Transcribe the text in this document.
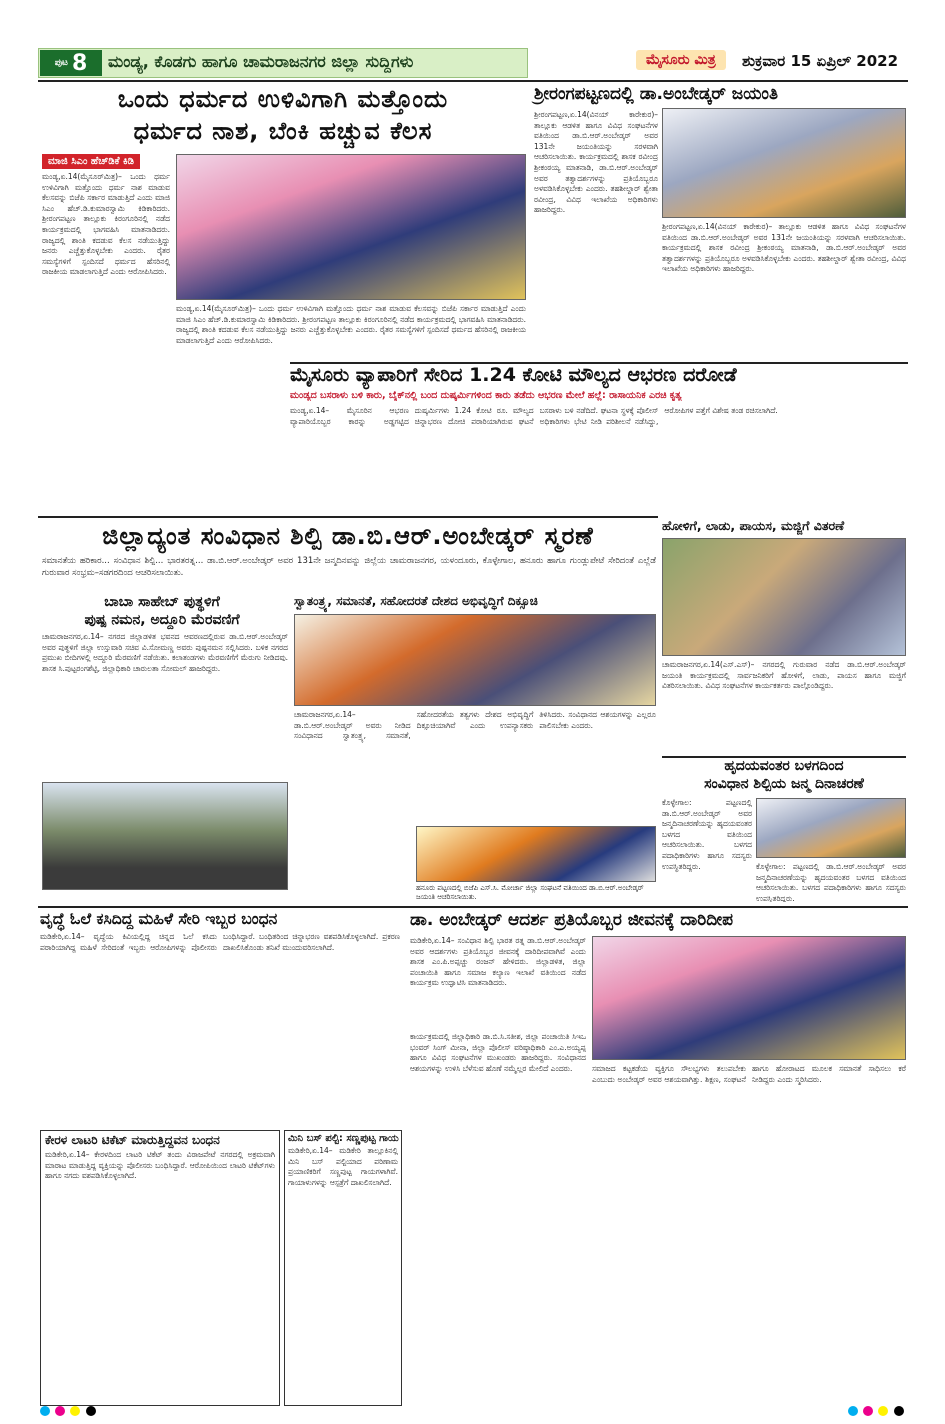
ಪುಟ 8 ಮಂಡ್ಯ, ಕೊಡಗು ಹಾಗೂ ಚಾಮರಾಜನಗರ ಜಿಲ್ಲಾ ಸುದ್ದಿಗಳು	ಮೈಸೂರು ಮಿತ್ರ	ಶುಕ್ರವಾರ 15 ಏಪ್ರಿಲ್ 2022
ಒಂದು ಧರ್ಮದ ಉಳಿವಿಗಾಗಿ ಮತ್ತೊಂದು
ಧರ್ಮದ ನಾಶ, ಬೆಂಕಿ ಹಚ್ಚುವ ಕೆಲಸ
ಮಾಜಿ ಸಿಎಂ ಹೆಚ್‌ಡಿಕೆ ಕಿಡಿ
ಮಂಡ್ಯ,ಏ.14(ಮೈಸೂರ್‌ಮಿತ್ರ)– ಒಂದು ಧರ್ಮ ಉಳಿವಿಗಾಗಿ ಮತ್ತೊಂದು ಧರ್ಮ ನಾಶ ಮಾಡುವ ಕೆಲಸವನ್ನು ಬಿಜೆಪಿ ಸರ್ಕಾರ ಮಾಡುತ್ತಿದೆ ಎಂದು ಮಾಜಿ ಸಿಎಂ ಹೆಚ್.ಡಿ.ಕುಮಾರಸ್ವಾಮಿ ಕಿಡಿಕಾರಿದರು. ಶ್ರೀರಂಗಪಟ್ಟಣ ತಾಲ್ಲೂಕು ಕಿರಂಗೂರಿನಲ್ಲಿ ನಡೆದ ಕಾರ್ಯಕ್ರಮದಲ್ಲಿ ಭಾಗವಹಿಸಿ ಮಾತನಾಡಿದರು. ರಾಜ್ಯದಲ್ಲಿ ಶಾಂತಿ ಕದಡುವ ಕೆಲಸ ನಡೆಯುತ್ತಿದ್ದು ಜನರು ಎಚ್ಚೆತ್ತುಕೊಳ್ಳಬೇಕು ಎಂದರು. ರೈತರ ಸಮಸ್ಯೆಗಳಿಗೆ ಸ್ಪಂದಿಸದೆ ಧರ್ಮದ ಹೆಸರಿನಲ್ಲಿ ರಾಜಕೀಯ ಮಾಡಲಾಗುತ್ತಿದೆ ಎಂದು ಆರೋಪಿಸಿದರು.
ಮಂಡ್ಯ,ಏ.14(ಮೈಸೂರ್‌ಮಿತ್ರ)– ಒಂದು ಧರ್ಮ ಉಳಿವಿಗಾಗಿ ಮತ್ತೊಂದು ಧರ್ಮ ನಾಶ ಮಾಡುವ ಕೆಲಸವನ್ನು ಬಿಜೆಪಿ ಸರ್ಕಾರ ಮಾಡುತ್ತಿದೆ ಎಂದು ಮಾಜಿ ಸಿಎಂ ಹೆಚ್.ಡಿ.ಕುಮಾರಸ್ವಾಮಿ ಕಿಡಿಕಾರಿದರು. ಶ್ರೀರಂಗಪಟ್ಟಣ ತಾಲ್ಲೂಕು ಕಿರಂಗೂರಿನಲ್ಲಿ ನಡೆದ ಕಾರ್ಯಕ್ರಮದಲ್ಲಿ ಭಾಗವಹಿಸಿ ಮಾತನಾಡಿದರು. ರಾಜ್ಯದಲ್ಲಿ ಶಾಂತಿ ಕದಡುವ ಕೆಲಸ ನಡೆಯುತ್ತಿದ್ದು ಜನರು ಎಚ್ಚೆತ್ತುಕೊಳ್ಳಬೇಕು ಎಂದರು. ರೈತರ ಸಮಸ್ಯೆಗಳಿಗೆ ಸ್ಪಂದಿಸದೆ ಧರ್ಮದ ಹೆಸರಿನಲ್ಲಿ ರಾಜಕೀಯ ಮಾಡಲಾಗುತ್ತಿದೆ ಎಂದು ಆರೋಪಿಸಿದರು.
ಶ್ರೀರಂಗಪಟ್ಟಣದಲ್ಲಿ ಡಾ.ಅಂಬೇಡ್ಕರ್ ಜಯಂತಿ
ಶ್ರೀರಂಗಪಟ್ಟಣ,ಏ.14(ವಿನಯ್ ಕಾರೇಕುರ)– ತಾಲ್ಲೂಕು ಆಡಳಿತ ಹಾಗೂ ವಿವಿಧ ಸಂಘಟನೆಗಳ ವತಿಯಿಂದ ಡಾ.ಬಿ.ಆರ್.ಅಂಬೇಡ್ಕರ್ ಅವರ 131ನೇ ಜಯಂತಿಯನ್ನು ಸರಳವಾಗಿ ಆಚರಿಸಲಾಯಿತು. ಕಾರ್ಯಕ್ರಮದಲ್ಲಿ ಶಾಸಕ ರವೀಂದ್ರ ಶ್ರೀಕಂಠಯ್ಯ ಮಾತನಾಡಿ, ಡಾ.ಬಿ.ಆರ್.ಅಂಬೇಡ್ಕರ್ ಅವರ ತತ್ವಾದರ್ಶಗಳನ್ನು ಪ್ರತಿಯೊಬ್ಬರೂ ಅಳವಡಿಸಿಕೊಳ್ಳಬೇಕು ಎಂದರು. ತಹಶೀಲ್ದಾರ್ ಶ್ವೇತಾ ರವೀಂದ್ರ, ವಿವಿಧ ಇಲಾಖೆಯ ಅಧಿಕಾರಿಗಳು ಹಾಜರಿದ್ದರು.
ಶ್ರೀರಂಗಪಟ್ಟಣ,ಏ.14(ವಿನಯ್ ಕಾರೇಕುರ)– ತಾಲ್ಲೂಕು ಆಡಳಿತ ಹಾಗೂ ವಿವಿಧ ಸಂಘಟನೆಗಳ ವತಿಯಿಂದ ಡಾ.ಬಿ.ಆರ್.ಅಂಬೇಡ್ಕರ್ ಅವರ 131ನೇ ಜಯಂತಿಯನ್ನು ಸರಳವಾಗಿ ಆಚರಿಸಲಾಯಿತು. ಕಾರ್ಯಕ್ರಮದಲ್ಲಿ ಶಾಸಕ ರವೀಂದ್ರ ಶ್ರೀಕಂಠಯ್ಯ ಮಾತನಾಡಿ, ಡಾ.ಬಿ.ಆರ್.ಅಂಬೇಡ್ಕರ್ ಅವರ ತತ್ವಾದರ್ಶಗಳನ್ನು ಪ್ರತಿಯೊಬ್ಬರೂ ಅಳವಡಿಸಿಕೊಳ್ಳಬೇಕು ಎಂದರು. ತಹಶೀಲ್ದಾರ್ ಶ್ವೇತಾ ರವೀಂದ್ರ, ವಿವಿಧ ಇಲಾಖೆಯ ಅಧಿಕಾರಿಗಳು ಹಾಜರಿದ್ದರು.
ಮೈಸೂರು ವ್ಯಾಪಾರಿಗೆ ಸೇರಿದ 1.24 ಕೋಟಿ ಮೌಲ್ಯದ ಆಭರಣ ದರೋಡೆ
ಮಂಡ್ಯದ ಬಸರಾಳು ಬಳಿ ಕಾರು, ಬೈಕ್‌ನಲ್ಲಿ ಬಂದ ದುಷ್ಕರ್ಮಿಗಳಿಂದ ಕಾರು ತಡೆದು ಆಭರಣ ಮೇಲೆ ಹಲ್ಲೆ: ರಾಸಾಯನಿಕ ಎರಚಿ ಕೃತ್ಯ
ಮಂಡ್ಯ,ಏ.14– ಮೈಸೂರಿನ ಆಭರಣ ವ್ಯಾಪಾರಿಯೊಬ್ಬರ ಕಾರನ್ನು ಅಡ್ಡಗಟ್ಟಿದ ದುಷ್ಕರ್ಮಿಗಳು 1.24 ಕೋಟಿ ರೂ. ಮೌಲ್ಯದ ಚಿನ್ನಾಭರಣ ದೋಚಿ ಪರಾರಿಯಾಗಿರುವ ಘಟನೆ ಬಸರಾಳು ಬಳಿ ನಡೆದಿದೆ. ಘಟನಾ ಸ್ಥಳಕ್ಕೆ ಪೊಲೀಸ್ ಅಧಿಕಾರಿಗಳು ಭೇಟಿ ನೀಡಿ ಪರಿಶೀಲನೆ ನಡೆಸಿದ್ದು, ಆರೋಪಿಗಳ ಪತ್ತೆಗೆ ವಿಶೇಷ ತಂಡ ರಚಿಸಲಾಗಿದೆ.
ಜಿಲ್ಲಾದ್ಯಂತ ಸಂವಿಧಾನ ಶಿಲ್ಪಿ ಡಾ.ಬಿ.ಆರ್.ಅಂಬೇಡ್ಕರ್ ಸ್ಮರಣೆ
ಸಮಾನತೆಯ ಹರಿಕಾರ... ಸಂವಿಧಾನ ಶಿಲ್ಪಿ... ಭಾರತರತ್ನ... ಡಾ.ಬಿ.ಆರ್.ಅಂಬೇಡ್ಕರ್ ಅವರ 131ನೇ ಜನ್ಮದಿನವನ್ನು ಜಿಲ್ಲೆಯ ಚಾಮರಾಜನಗರ, ಯಳಂದೂರು, ಕೊಳ್ಳೇಗಾಲ, ಹನೂರು ಹಾಗೂ ಗುಂಡ್ಲುಪೇಟೆ ಸೇರಿದಂತೆ ಎಲ್ಲೆಡೆ ಗುರುವಾರ ಸಂಭ್ರಮ–ಸಡಗರದಿಂದ ಆಚರಿಸಲಾಯಿತು.
ಬಾಬಾ ಸಾಹೇಬ್ ಪುತ್ಥಳಿಗೆ
ಪುಷ್ಪ ನಮನ, ಅದ್ದೂರಿ ಮೆರವಣಿಗೆ
ಚಾಮರಾಜನಗರ,ಏ.14– ನಗರದ ಜಿಲ್ಲಾಡಳಿತ ಭವನದ ಆವರಣದಲ್ಲಿರುವ ಡಾ.ಬಿ.ಆರ್.ಅಂಬೇಡ್ಕರ್ ಅವರ ಪುತ್ಥಳಿಗೆ ಜಿಲ್ಲಾ ಉಸ್ತುವಾರಿ ಸಚಿವ ವಿ.ಸೋಮಣ್ಣ ಅವರು ಪುಷ್ಪನಮನ ಸಲ್ಲಿಸಿದರು. ಬಳಿಕ ನಗರದ ಪ್ರಮುಖ ಬೀದಿಗಳಲ್ಲಿ ಅದ್ದೂರಿ ಮೆರವಣಿಗೆ ನಡೆಯಿತು. ಕಲಾತಂಡಗಳು ಮೆರವಣಿಗೆಗೆ ಮೆರುಗು ನೀಡಿದವು. ಶಾಸಕ ಸಿ.ಪುಟ್ಟರಂಗಶೆಟ್ಟಿ, ಜಿಲ್ಲಾಧಿಕಾರಿ ಚಾರುಲತಾ ಸೋಮಲ್ ಹಾಜರಿದ್ದರು.
ಸ್ವಾತಂತ್ರ್ಯ, ಸಮಾನತೆ, ಸಹೋದರತೆ ದೇಶದ ಅಭಿವೃದ್ಧಿಗೆ ದಿಕ್ಸೂಚಿ
ಚಾಮರಾಜನಗರ,ಏ.14– ಡಾ.ಬಿ.ಆರ್.ಅಂಬೇಡ್ಕರ್ ಅವರು ನೀಡಿದ ಸಂವಿಧಾನದ ಸ್ವಾತಂತ್ರ್ಯ, ಸಮಾನತೆ, ಸಹೋದರತೆಯ ತತ್ವಗಳು ದೇಶದ ಅಭಿವೃದ್ಧಿಗೆ ದಿಕ್ಸೂಚಿಯಾಗಿವೆ ಎಂದು ಉಪನ್ಯಾಸಕರು ತಿಳಿಸಿದರು. ಸಂವಿಧಾನದ ಆಶಯಗಳನ್ನು ಎಲ್ಲರೂ ಪಾಲಿಸಬೇಕು ಎಂದರು.
ಹನೂರು ಪಟ್ಟಣದಲ್ಲಿ ಬಿಜೆಪಿ ಎಸ್.ಸಿ. ಮೋರ್ಚಾ ಜಿಲ್ಲಾ ಸಂಘಟನೆ ವತಿಯಿಂದ ಡಾ.ಬಿ.ಆರ್.ಅಂಬೇಡ್ಕರ್ ಜಯಂತಿ ಆಚರಿಸಲಾಯಿತು.
ಹೋಳಿಗೆ, ಲಾಡು, ಪಾಯಸ, ಮಜ್ಜಿಗೆ ವಿತರಣೆ
ಚಾಮರಾಜನಗರ,ಏ.14(ಎಸ್.ಎಸ್)– ನಗರದಲ್ಲಿ ಗುರುವಾರ ನಡೆದ ಡಾ.ಬಿ.ಆರ್.ಅಂಬೇಡ್ಕರ್ ಜಯಂತಿ ಕಾರ್ಯಕ್ರಮದಲ್ಲಿ ಸಾರ್ವಜನಿಕರಿಗೆ ಹೋಳಿಗೆ, ಲಾಡು, ಪಾಯಸ ಹಾಗೂ ಮಜ್ಜಿಗೆ ವಿತರಿಸಲಾಯಿತು. ವಿವಿಧ ಸಂಘಟನೆಗಳ ಕಾರ್ಯಕರ್ತರು ಪಾಲ್ಗೊಂಡಿದ್ದರು.
ಹೃದಯವಂತರ ಬಳಗದಿಂದ
ಸಂವಿಧಾನ ಶಿಲ್ಪಿಯ ಜನ್ಮ ದಿನಾಚರಣೆ
ಕೊಳ್ಳೇಗಾಲ: ಪಟ್ಟಣದಲ್ಲಿ ಡಾ.ಬಿ.ಆರ್.ಅಂಬೇಡ್ಕರ್ ಅವರ ಜನ್ಮದಿನಾಚರಣೆಯನ್ನು ಹೃದಯವಂತರ ಬಳಗದ ವತಿಯಿಂದ ಆಚರಿಸಲಾಯಿತು. ಬಳಗದ ಪದಾಧಿಕಾರಿಗಳು ಹಾಗೂ ಸದಸ್ಯರು ಉಪಸ್ಥಿತರಿದ್ದರು.	ಕೊಳ್ಳೇಗಾಲ: ಪಟ್ಟಣದಲ್ಲಿ ಡಾ.ಬಿ.ಆರ್.ಅಂಬೇಡ್ಕರ್ ಅವರ ಜನ್ಮದಿನಾಚರಣೆಯನ್ನು ಹೃದಯವಂತರ ಬಳಗದ ವತಿಯಿಂದ ಆಚರಿಸಲಾಯಿತು. ಬಳಗದ ಪದಾಧಿಕಾರಿಗಳು ಹಾಗೂ ಸದಸ್ಯರು ಉಪಸ್ಥಿತರಿದ್ದರು.
ವೃದ್ಧೆ ಓಲೆ ಕಸಿದಿದ್ದ ಮಹಿಳೆ ಸೇರಿ ಇಬ್ಬರ ಬಂಧನ
ಮಡಿಕೇರಿ,ಏ.14– ವೃದ್ಧೆಯ ಕಿವಿಯಲ್ಲಿದ್ದ ಚಿನ್ನದ ಓಲೆ ಕಸಿದು ಪರಾರಿಯಾಗಿದ್ದ ಮಹಿಳೆ ಸೇರಿದಂತೆ ಇಬ್ಬರು ಆರೋಪಿಗಳನ್ನು ಪೊಲೀಸರು ಬಂಧಿಸಿದ್ದಾರೆ. ಬಂಧಿತರಿಂದ ಚಿನ್ನಾಭರಣ ವಶಪಡಿಸಿಕೊಳ್ಳಲಾಗಿದೆ. ಪ್ರಕರಣ ದಾಖಲಿಸಿಕೊಂಡು ತನಿಖೆ ಮುಂದುವರಿಸಲಾಗಿದೆ.
ಕೇರಳ ಲಾಟರಿ ಟಿಕೆಟ್ ಮಾರುತ್ತಿದ್ದವನ ಬಂಧನ
ಮಡಿಕೇರಿ,ಏ.14– ಕೇರಳದಿಂದ ಲಾಟರಿ ಟಿಕೆಟ್ ತಂದು ವಿರಾಜಪೇಟೆ ನಗರದಲ್ಲಿ ಅಕ್ರಮವಾಗಿ ಮಾರಾಟ ಮಾಡುತ್ತಿದ್ದ ವ್ಯಕ್ತಿಯನ್ನು ಪೊಲೀಸರು ಬಂಧಿಸಿದ್ದಾರೆ. ಆರೋಪಿಯಿಂದ ಲಾಟರಿ ಟಿಕೆಟ್‌ಗಳು ಹಾಗೂ ನಗದು ವಶಪಡಿಸಿಕೊಳ್ಳಲಾಗಿದೆ.
ಮಿನಿ ಬಸ್ ಪಲ್ಟಿ: ಸಣ್ಣಪುಟ್ಟ ಗಾಯ
ಮಡಿಕೇರಿ,ಏ.14– ಮಡಿಕೇರಿ ತಾಲ್ಲೂಕಿನಲ್ಲಿ ಮಿನಿ ಬಸ್ ಪಲ್ಟಿಯಾದ ಪರಿಣಾಮ ಪ್ರಯಾಣಿಕರಿಗೆ ಸಣ್ಣಪುಟ್ಟ ಗಾಯಗಳಾಗಿವೆ. ಗಾಯಾಳುಗಳನ್ನು ಆಸ್ಪತ್ರೆಗೆ ದಾಖಲಿಸಲಾಗಿದೆ.
ಡಾ. ಅಂಬೇಡ್ಕರ್ ಆದರ್ಶ ಪ್ರತಿಯೊಬ್ಬರ ಜೀವನಕ್ಕೆ ದಾರಿದೀಪ
ಮಡಿಕೇರಿ,ಏ.14– ಸಂವಿಧಾನ ಶಿಲ್ಪಿ ಭಾರತ ರತ್ನ ಡಾ.ಬಿ.ಆರ್.ಅಂಬೇಡ್ಕರ್ ಅವರ ಆದರ್ಶಗಳು ಪ್ರತಿಯೊಬ್ಬರ ಜೀವನಕ್ಕೆ ದಾರಿದೀಪವಾಗಿವೆ ಎಂದು ಶಾಸಕ ಎಂ.ಪಿ.ಅಪ್ಪಚ್ಚು ರಂಜನ್ ಹೇಳಿದರು. ಜಿಲ್ಲಾಡಳಿತ, ಜಿಲ್ಲಾ ಪಂಚಾಯಿತಿ ಹಾಗೂ ಸಮಾಜ ಕಲ್ಯಾಣ ಇಲಾಖೆ ವತಿಯಿಂದ ನಡೆದ ಕಾರ್ಯಕ್ರಮ ಉದ್ಘಾಟಿಸಿ ಮಾತನಾಡಿದರು.
ಕಾರ್ಯಕ್ರಮದಲ್ಲಿ ಜಿಲ್ಲಾಧಿಕಾರಿ ಡಾ.ಬಿ.ಸಿ.ಸತೀಶ, ಜಿಲ್ಲಾ ಪಂಚಾಯಿತಿ ಸಿಇಒ ಭಂವರ್ ಸಿಂಗ್ ಮೀನಾ, ಜಿಲ್ಲಾ ಪೊಲೀಸ್ ವರಿಷ್ಠಾಧಿಕಾರಿ ಎಂ.ಎ.ಅಯ್ಯಪ್ಪ ಹಾಗೂ ವಿವಿಧ ಸಂಘಟನೆಗಳ ಮುಖಂಡರು ಹಾಜರಿದ್ದರು. ಸಂವಿಧಾನದ ಆಶಯಗಳನ್ನು ಉಳಿಸಿ ಬೆಳೆಸುವ ಹೊಣೆ ನಮ್ಮೆಲ್ಲರ ಮೇಲಿದೆ ಎಂದರು.	ಸಮಾಜದ ಕಟ್ಟಕಡೆಯ ವ್ಯಕ್ತಿಗೂ ಸೌಲಭ್ಯಗಳು ತಲುಪಬೇಕು ಎಂಬುದು ಅಂಬೇಡ್ಕರ್ ಅವರ ಆಶಯವಾಗಿತ್ತು. ಶಿಕ್ಷಣ, ಸಂಘಟನೆ ಹಾಗೂ ಹೋರಾಟದ ಮೂಲಕ ಸಮಾನತೆ ಸಾಧಿಸಲು ಕರೆ ನೀಡಿದ್ದರು ಎಂದು ಸ್ಮರಿಸಿದರು.
